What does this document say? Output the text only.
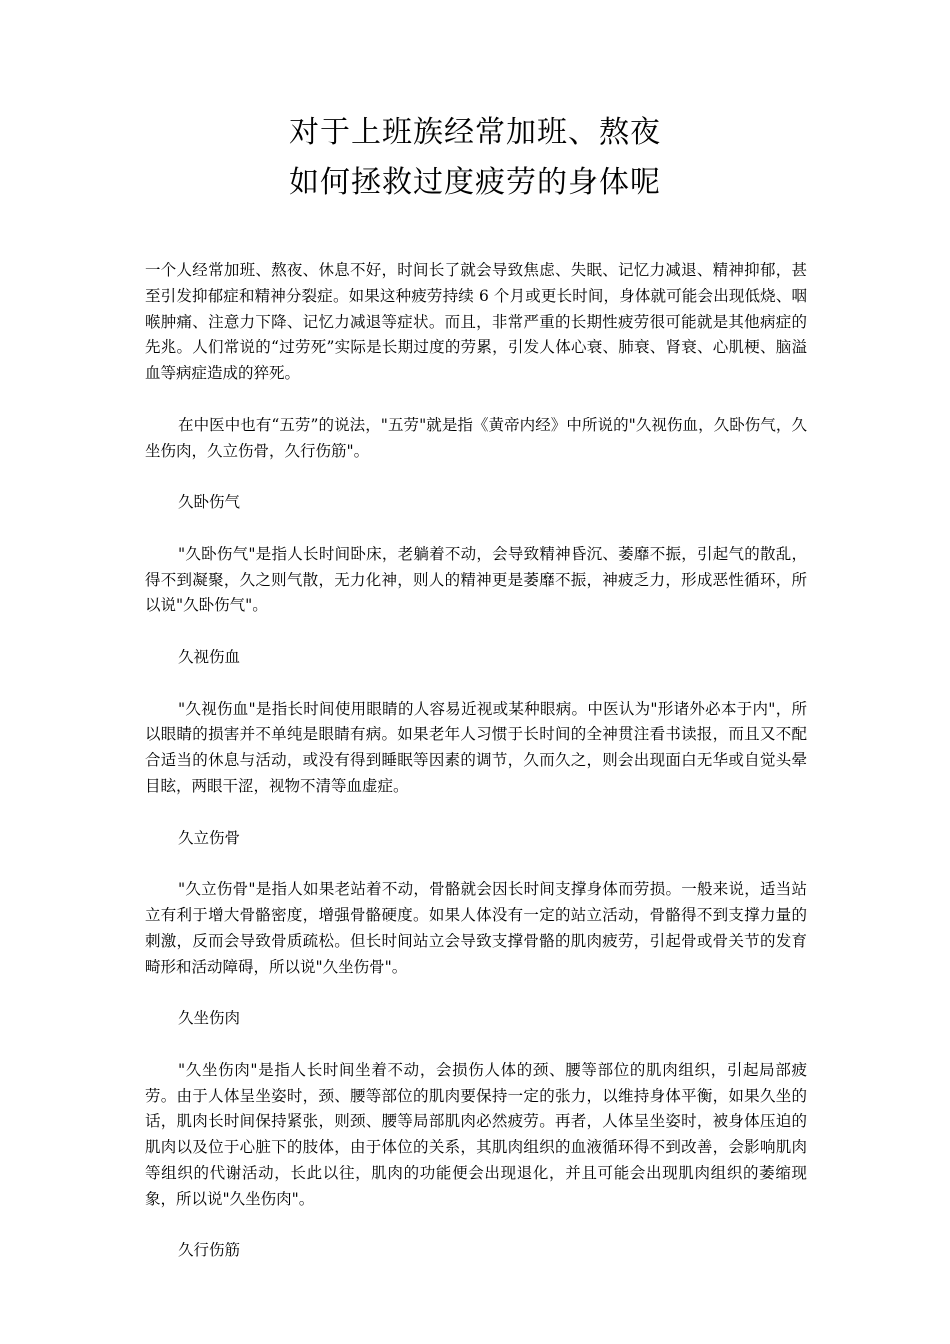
对于上班族经常加班、熬夜
如何拯救过度疲劳的身体呢

一个人经常加班、熬夜、休息不好，时间长了就会导致焦虑、失眠、记忆力减退、精神抑郁，甚至引发抑郁症和精神分裂症。如果这种疲劳持续 6 个月或更长时间，身体就可能会出现低烧、咽喉肿痛、注意力下降、记忆力减退等症状。而且，非常严重的长期性疲劳很可能就是其他病症的先兆。人们常说的“过劳死”实际是长期过度的劳累，引发人体心衰、肺衰、肾衰、心肌梗、脑溢血等病症造成的猝死。

在中医中也有“五劳”的说法，"五劳"就是指《黄帝内经》中所说的"久视伤血，久卧伤气，久坐伤肉，久立伤骨，久行伤筋"。

久卧伤气

"久卧伤气"是指人长时间卧床，老躺着不动，会导致精神昏沉、萎靡不振，引起气的散乱，得不到凝聚，久之则气散，无力化神，则人的精神更是萎靡不振，神疲乏力，形成恶性循环，所以说"久卧伤气"。

久视伤血

"久视伤血"是指长时间使用眼睛的人容易近视或某种眼病。中医认为"形诸外必本于内"，所以眼睛的损害并不单纯是眼睛有病。如果老年人习惯于长时间的全神贯注看书读报，而且又不配合适当的休息与活动，或没有得到睡眠等因素的调节，久而久之，则会出现面白无华或自觉头晕目眩，两眼干涩，视物不清等血虚症。

久立伤骨

"久立伤骨"是指人如果老站着不动，骨骼就会因长时间支撑身体而劳损。一般来说，适当站立有利于增大骨骼密度，增强骨骼硬度。如果人体没有一定的站立活动，骨骼得不到支撑力量的刺激，反而会导致骨质疏松。但长时间站立会导致支撑骨骼的肌肉疲劳，引起骨或骨关节的发育畸形和活动障碍，所以说"久坐伤骨"。

久坐伤肉

"久坐伤肉"是指人长时间坐着不动，会损伤人体的颈、腰等部位的肌肉组织，引起局部疲劳。由于人体呈坐姿时，颈、腰等部位的肌肉要保持一定的张力，以维持身体平衡，如果久坐的话，肌肉长时间保持紧张，则颈、腰等局部肌肉必然疲劳。再者，人体呈坐姿时，被身体压迫的肌肉以及位于心脏下的肢体，由于体位的关系，其肌肉组织的血液循环得不到改善，会影响肌肉等组织的代谢活动，长此以往，肌肉的功能便会出现退化，并且可能会出现肌肉组织的萎缩现象，所以说"久坐伤肉"。

久行伤筋
